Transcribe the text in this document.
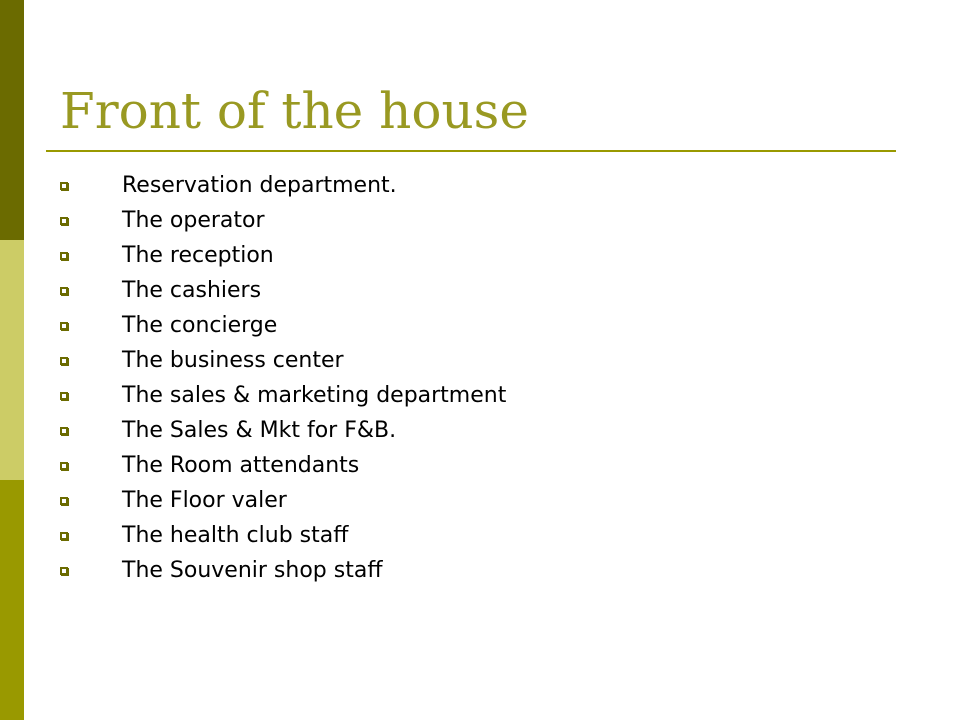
Front of the house
Reservation department.
The operator
The reception
The cashiers
The concierge
The business center
The sales & marketing department
The Sales & Mkt for F&B.
The Room attendants
The Floor valer
The health club staff
The Souvenir shop staff
